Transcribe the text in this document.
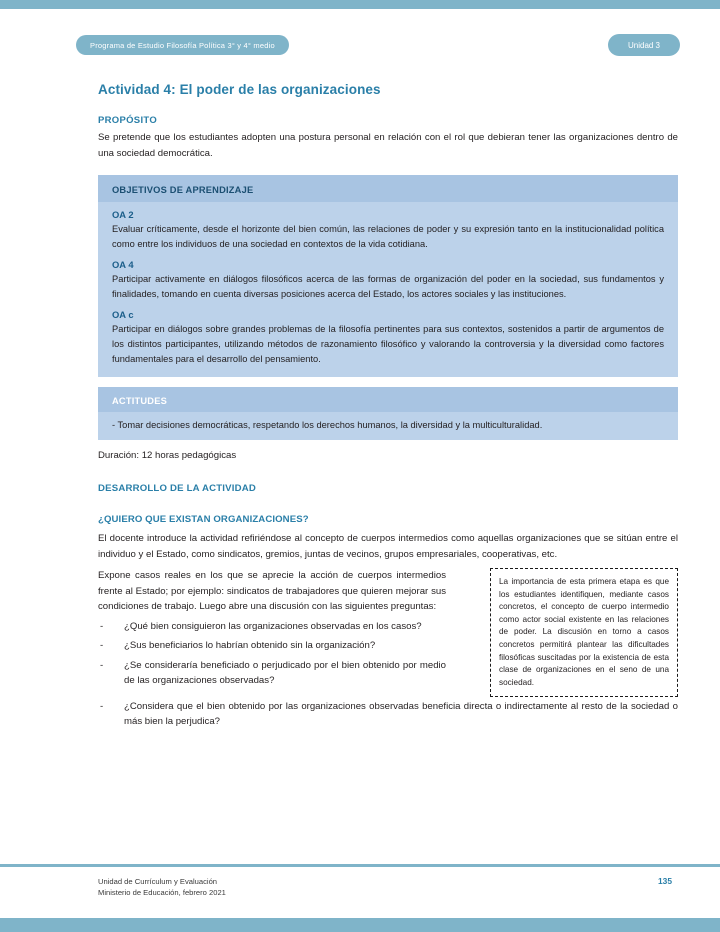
Programa de Estudio Filosofía Política 3° y 4° medio	Unidad 3
Actividad 4: El poder de las organizaciones
PROPÓSITO

Se pretende que los estudiantes adopten una postura personal en relación con el rol que debieran tener las organizaciones dentro de una sociedad democrática.

OBJETIVOS DE APRENDIZAJE
OA 2

Evaluar críticamente, desde el horizonte del bien común, las relaciones de poder y su expresión tanto en la institucionalidad política como entre los individuos de una sociedad en contextos de la vida cotidiana.

OA 4

Participar activamente en diálogos filosóficos acerca de las formas de organización del poder en la sociedad, sus fundamentos y finalidades, tomando en cuenta diversas posiciones acerca del Estado, los actores sociales y las instituciones.

OA c

Participar en diálogos sobre grandes problemas de la filosofía pertinentes para sus contextos, sostenidos a partir de argumentos de los distintos participantes, utilizando métodos de razonamiento filosófico y valorando la controversia y la diversidad como factores fundamentales para el desarrollo del pensamiento.

ACTITUDES

- Tomar decisiones democráticas, respetando los derechos humanos, la diversidad y la multiculturalidad.

Duración: 12 horas pedagógicas

DESARROLLO DE LA ACTIVIDAD
¿QUIERO QUE EXISTAN ORGANIZACIONES?

El docente introduce la actividad refiriéndose al concepto de cuerpos intermedios como aquellas organizaciones que se sitúan entre el individuo y el Estado, como sindicatos, gremios, juntas de vecinos, grupos empresariales, cooperativas, etc.

La importancia de esta primera etapa es que los estudiantes identifiquen, mediante casos concretos, el concepto de cuerpo intermedio como actor social existente en las relaciones de poder. La discusión en torno a casos concretos permitirá plantear las dificultades filosóficas suscitadas por la existencia de esta clase de organizaciones en el seno de una sociedad.

Expone casos reales en los que se aprecie la acción de cuerpos intermedios frente al Estado; por ejemplo: sindicatos de trabajadores que quieren mejorar sus condiciones de trabajo. Luego abre una discusión con las siguientes preguntas:

- ¿Qué bien consiguieron las organizaciones observadas en los casos?
- ¿Sus beneficiarios lo habrían obtenido sin la organización?
- ¿Se consideraría beneficiado o perjudicado por el bien obtenido por medio de las organizaciones observadas?
- ¿Considera que el bien obtenido por las organizaciones observadas beneficia directa o indirectamente al resto de la sociedad o más bien la perjudica?
Unidad de Currículum y Evaluación
Ministerio de Educación, febrero 2021
135
